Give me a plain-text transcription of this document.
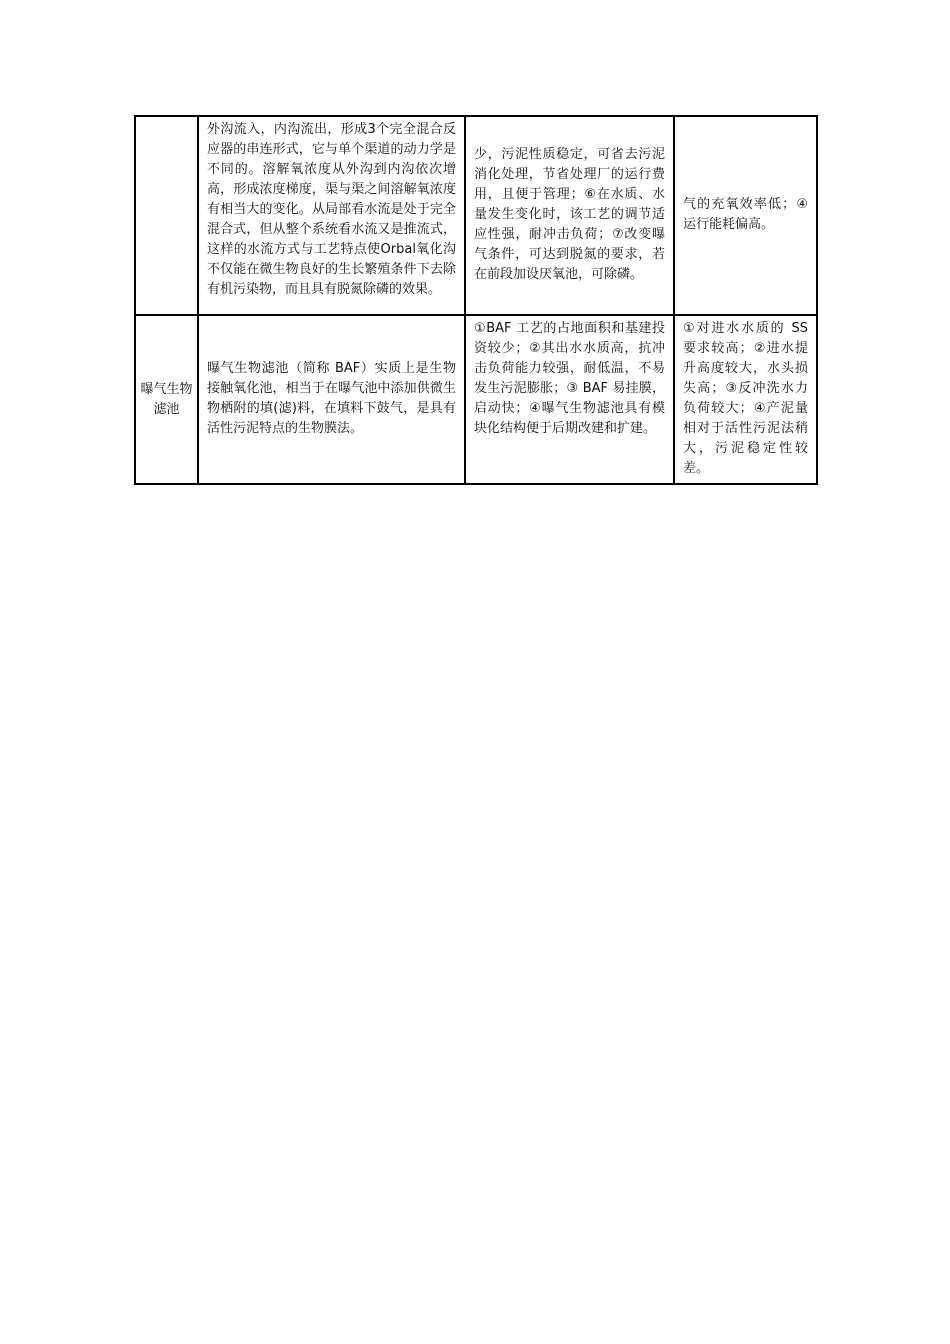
	外沟流入，内沟流出，形成3个完全混合反应器的串连形式，它与单个渠道的动力学是不同的。溶解氧浓度从外沟到内沟依次增高，形成浓度梯度，渠与渠之间溶解氧浓度有相当大的变化。从局部看水流是处于完全混合式，但从整个系统看水流又是推流式，这样的水流方式与工艺特点使Orbal氧化沟不仅能在微生物良好的生长繁殖条件下去除有机污染物，而且具有脱氮除磷的效果。	少，污泥性质稳定，可省去污泥消化处理，节省处理厂的运行费用，且便于管理；⑥在水质、水量发生变化时，该工艺的调节适应性强，耐冲击负荷；⑦改变曝气条件，可达到脱氮的要求，若在前段加设厌氧池，可除磷。	气的充氧效率低；④运行能耗偏高。
曝气生物滤池	曝气生物滤池（简称 BAF）实质上是生物接触氧化池，相当于在曝气池中添加供微生物栖附的填(滤)料，在填料下鼓气，是具有活性污泥特点的生物膜法。	①BAF 工艺的占地面积和基建投资较少；②其出水水质高，抗冲击负荷能力较强，耐低温，不易发生污泥膨胀；③ BAF 易挂膜，启动快；④曝气生物滤池具有模块化结构便于后期改建和扩建。	①对进水水质的 SS 要求较高；②进水提升高度较大，水头损失高；③反冲洗水力负荷较大；④产泥量相对于活性污泥法稍大，污泥稳定性较差。
